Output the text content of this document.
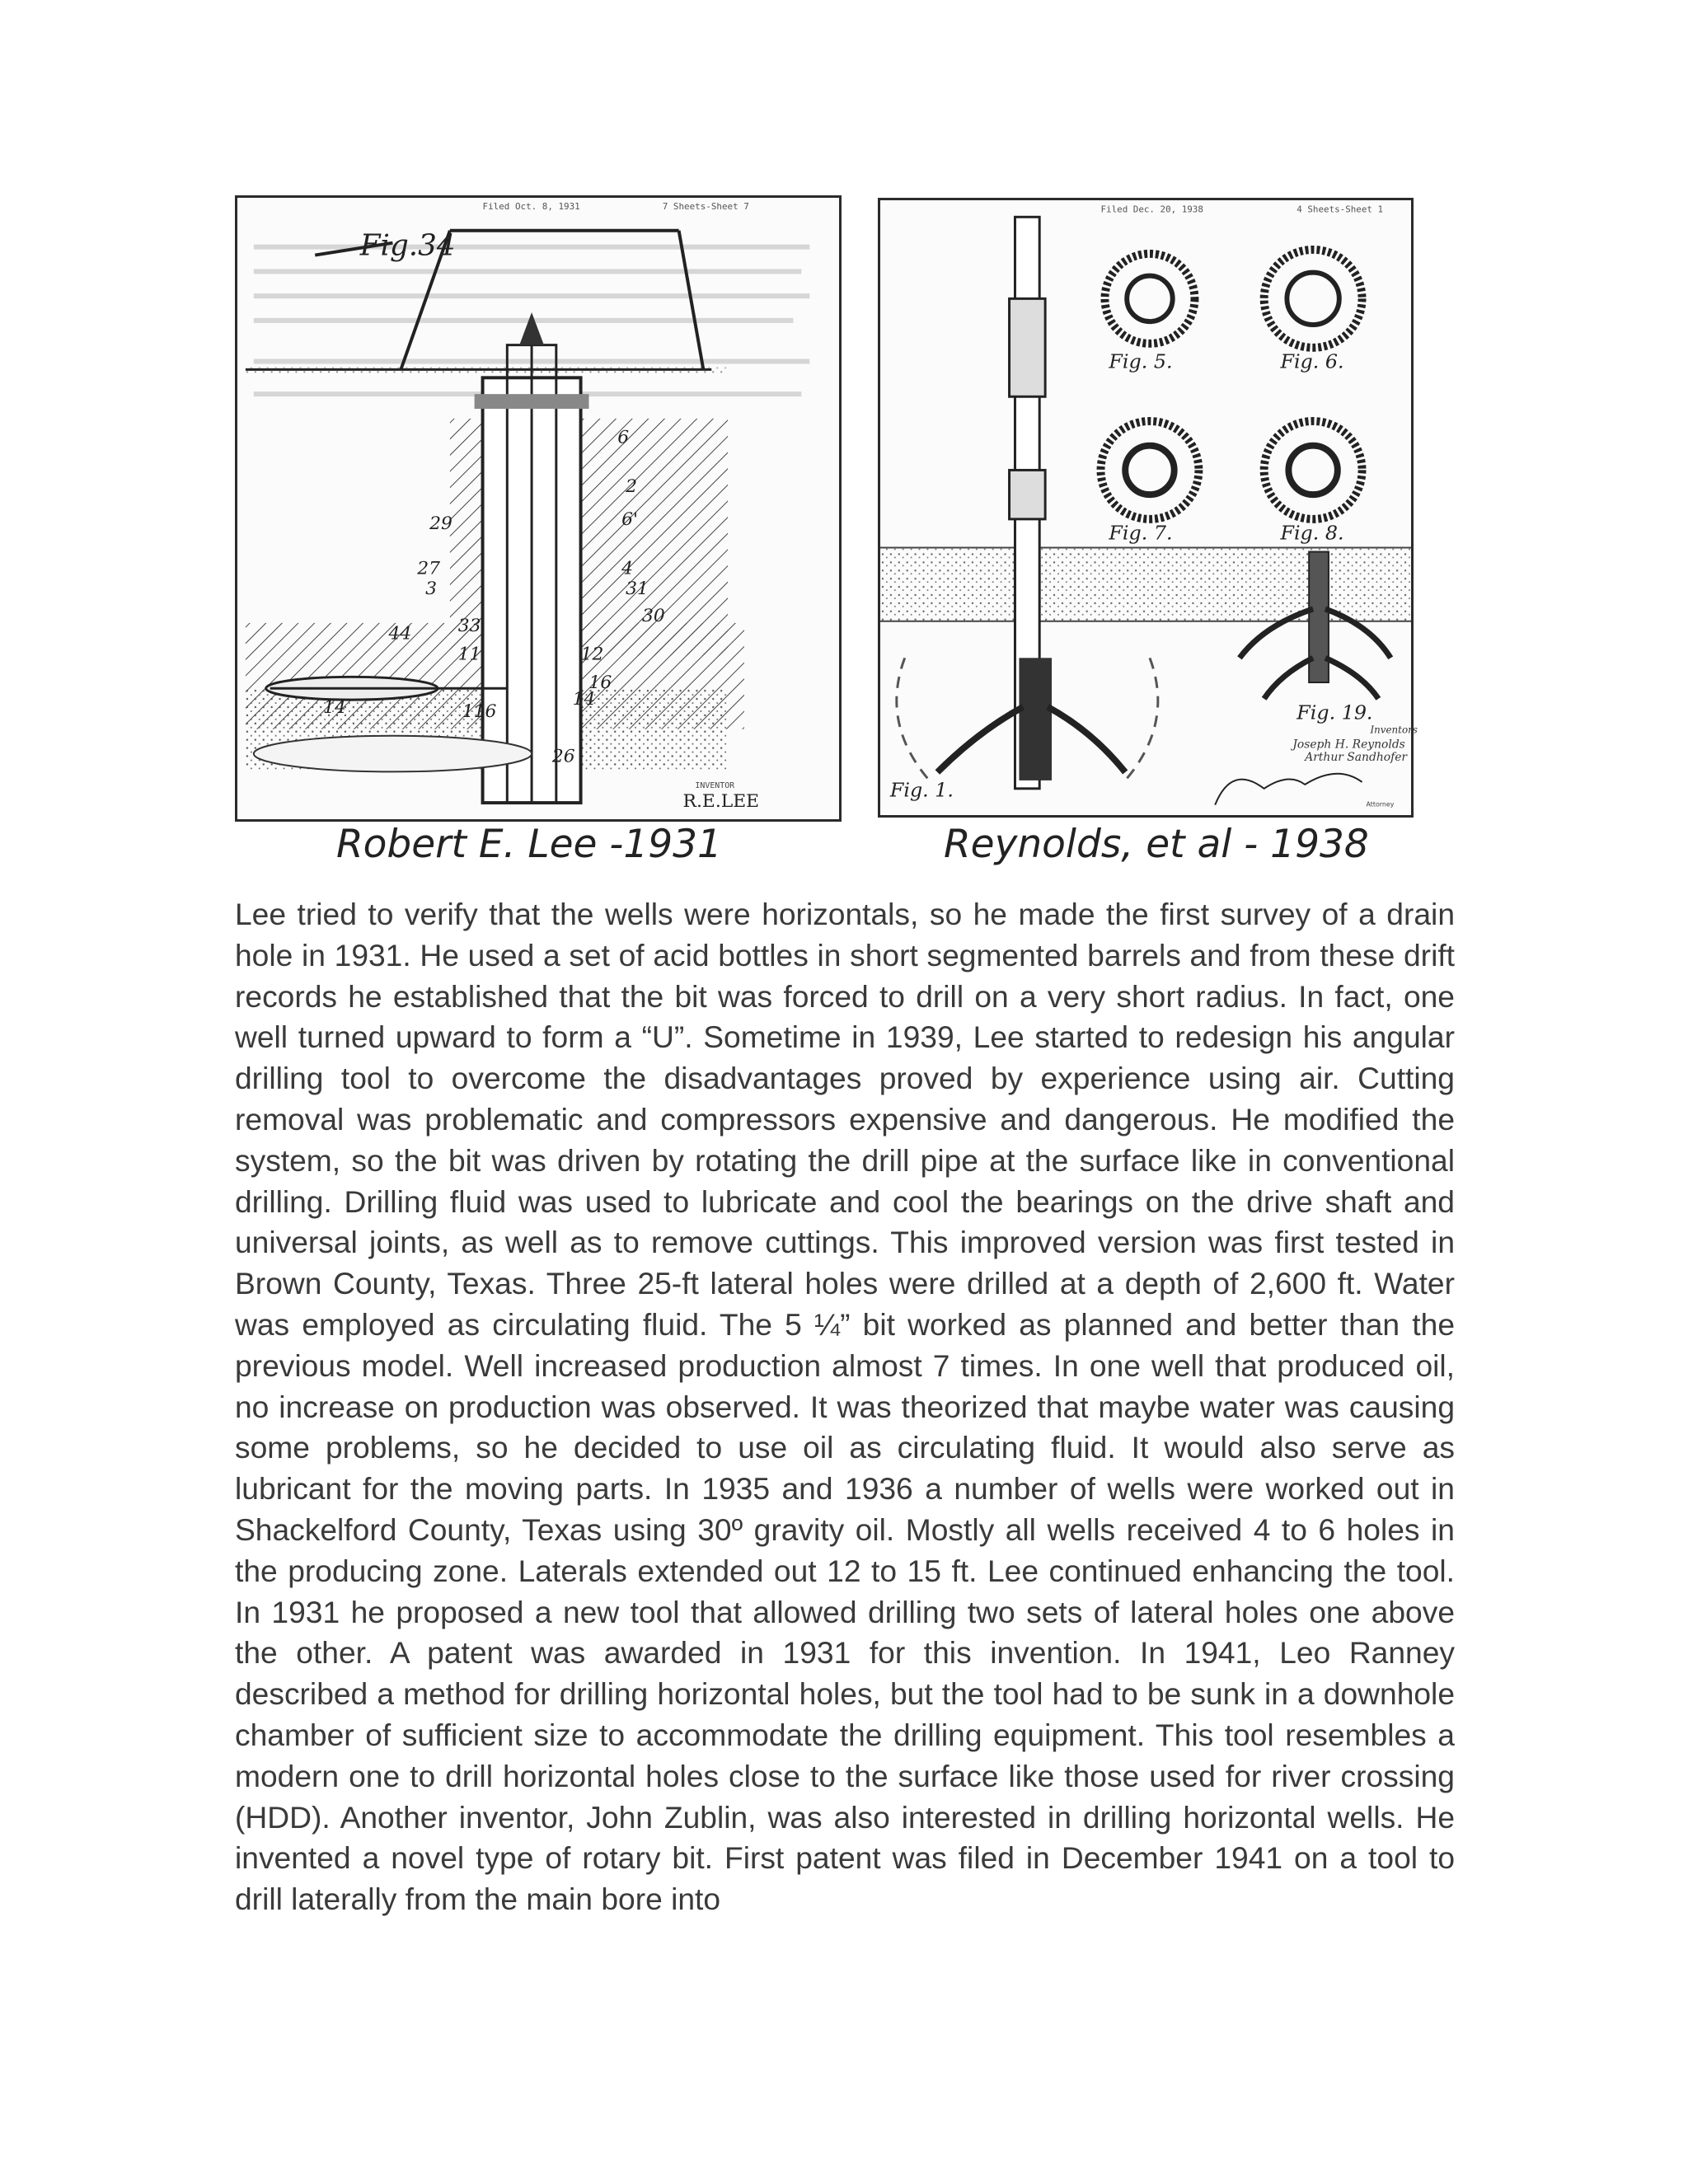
Filed Oct. 8, 1931	7 Sheets-Sheet 7
Fig.34
6
2
6'
29
27	4
3	31
33	30
44
11	12
16
14	116
14
26
INVENTOR
R.E.LEE
Filed Dec. 20, 1938	4 Sheets-Sheet 1
Fig. 5.	Fig. 6.
Fig. 7.	Fig. 8.
Fig. 1.
Fig. 19.
Inventors
Joseph H. Reynolds
Arthur Sandhofer
Attorney
Robert E. Lee -1931	Reynolds, et al - 1938

Lee tried to verify that the wells were horizontals, so he made the first survey of a drain hole in 1931. He used a set of acid bottles in short segmented barrels and from these drift records he established that the bit was forced to drill on a very short radius. In fact, one well turned upward to form a “U”. Sometime in 1939, Lee started to redesign his angular drilling tool to overcome the disadvantages proved by experience using air. Cutting removal was problematic and compressors expensive and dangerous. He modified the system, so the bit was driven by rotating the drill pipe at the surface like in conventional drilling. Drilling fluid was used to lubricate and cool the bearings on the drive shaft and universal joints, as well as to remove cuttings. This improved version was first tested in Brown County, Texas. Three 25-ft lateral holes were drilled at a depth of 2,600 ft. Water was employed as circulating fluid. The 5 ¼” bit worked as planned and better than the previous model. Well increased production almost 7 times. In one well that produced oil, no increase on production was observed. It was theorized that maybe water was causing some problems, so he decided to use oil as circulating fluid. It would also serve as lubricant for the moving parts. In 1935 and 1936 a number of wells were worked out in Shackelford County, Texas using 30º gravity oil. Mostly all wells received 4 to 6 holes in the producing zone. Laterals extended out 12 to 15 ft. Lee continued enhancing the tool. In 1931 he proposed a new tool that allowed drilling two sets of lateral holes one above the other. A patent was awarded in 1931 for this invention. In 1941, Leo Ranney described a method for drilling horizontal holes, but the tool had to be sunk in a downhole chamber of sufficient size to accommodate the drilling equipment. This tool resembles a modern one to drill horizontal holes close to the surface like those used for river crossing (HDD). Another inventor, John Zublin, was also interested in drilling horizontal wells. He invented a novel type of rotary bit. First patent was filed in December 1941 on a tool to drill laterally from the main bore into
